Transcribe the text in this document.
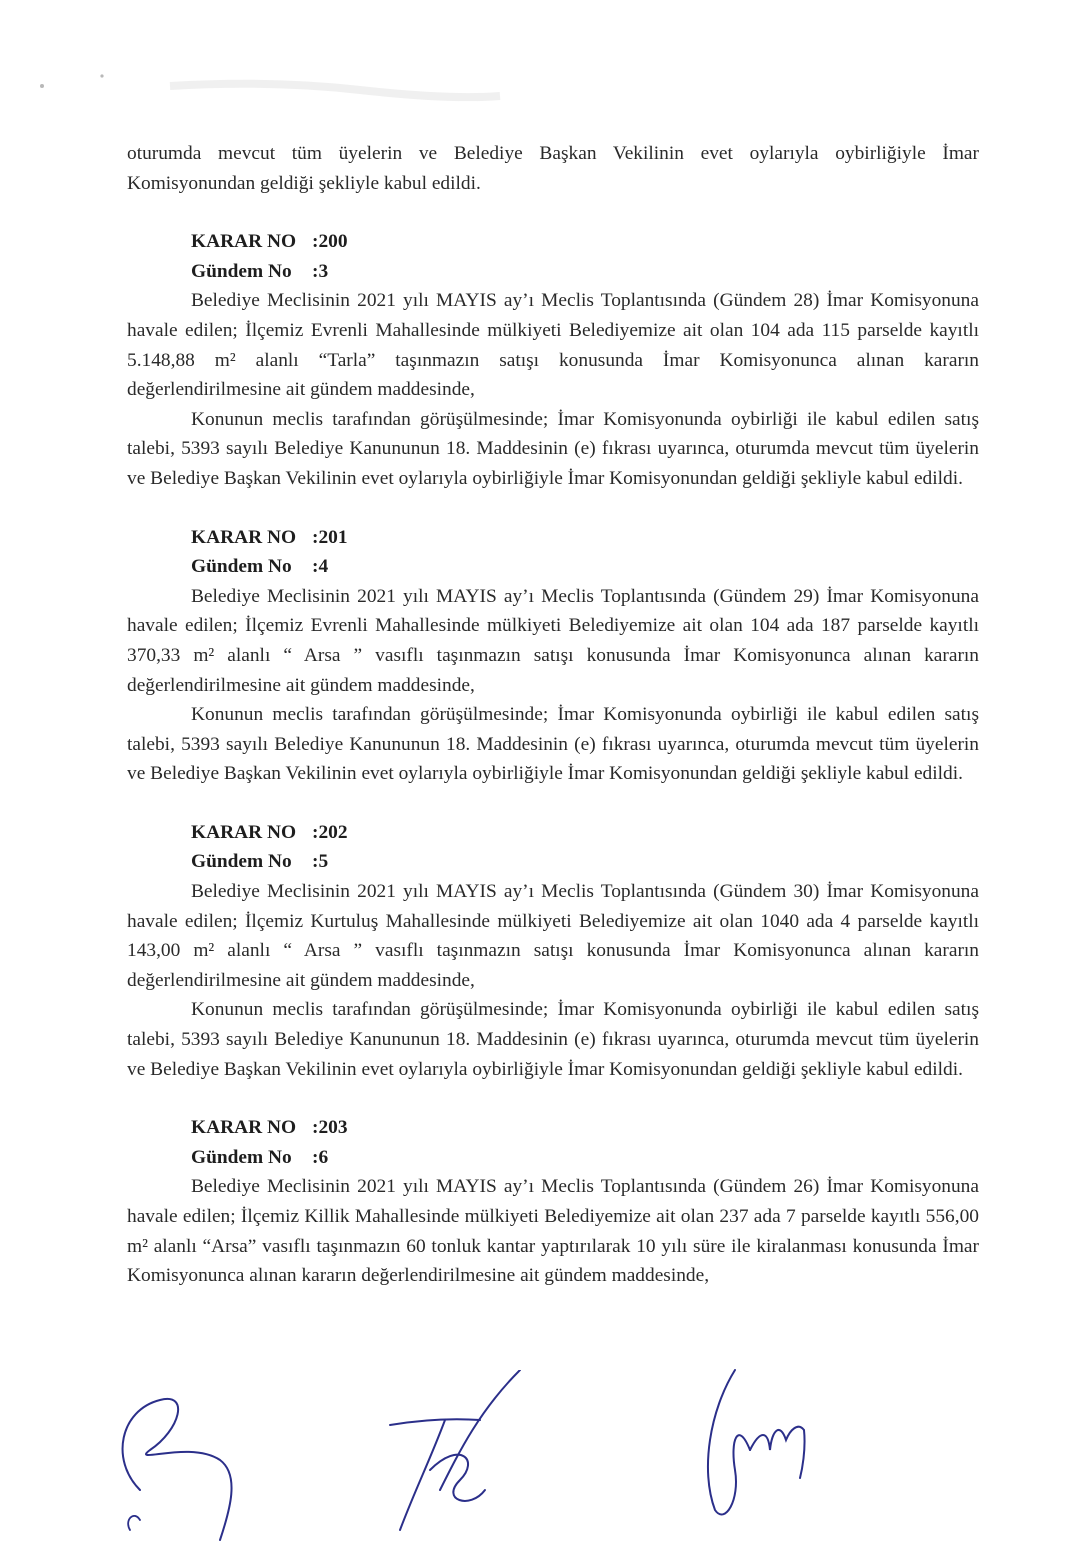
oturumda mevcut tüm üyelerin ve Belediye Başkan Vekilinin evet oylarıyla oybirliğiyle İmar Komisyonundan geldiği şekliyle kabul edildi.

KARAR NO :200

Gündem No :3

Belediye Meclisinin 2021 yılı MAYIS ay’ı Meclis Toplantısında (Gündem 28) İmar Komisyonuna havale edilen; İlçemiz Evrenli Mahallesinde mülkiyeti Belediyemize ait olan 104 ada 115 parselde kayıtlı 5.148,88 m² alanlı “Tarla” taşınmazın satışı konusunda İmar Komisyonunca alınan kararın değerlendirilmesine ait gündem maddesinde,

Konunun meclis tarafından görüşülmesinde; İmar Komisyonunda oybirliği ile kabul edilen satış talebi, 5393 sayılı Belediye Kanununun 18. Maddesinin (e) fıkrası uyarınca, oturumda mevcut tüm üyelerin ve Belediye Başkan Vekilinin evet oylarıyla oybirliğiyle İmar Komisyonundan geldiği şekliyle kabul edildi.

KARAR NO :201

Gündem No :4

Belediye Meclisinin 2021 yılı MAYIS ay’ı Meclis Toplantısında (Gündem 29) İmar Komisyonuna havale edilen; İlçemiz Evrenli Mahallesinde mülkiyeti Belediyemize ait olan 104 ada 187 parselde kayıtlı 370,33 m² alanlı “ Arsa ” vasıflı taşınmazın satışı konusunda İmar Komisyonunca alınan kararın değerlendirilmesine ait gündem maddesinde,

Konunun meclis tarafından görüşülmesinde; İmar Komisyonunda oybirliği ile kabul edilen satış talebi, 5393 sayılı Belediye Kanununun 18. Maddesinin (e) fıkrası uyarınca, oturumda mevcut tüm üyelerin ve Belediye Başkan Vekilinin evet oylarıyla oybirliğiyle İmar Komisyonundan geldiği şekliyle kabul edildi.

KARAR NO :202

Gündem No :5

Belediye Meclisinin 2021 yılı MAYIS ay’ı Meclis Toplantısında (Gündem 30) İmar Komisyonuna havale edilen; İlçemiz Kurtuluş Mahallesinde mülkiyeti Belediyemize ait olan 1040 ada 4 parselde kayıtlı 143,00 m² alanlı “ Arsa ” vasıflı taşınmazın satışı konusunda İmar Komisyonunca alınan kararın değerlendirilmesine ait gündem maddesinde,

Konunun meclis tarafından görüşülmesinde; İmar Komisyonunda oybirliği ile kabul edilen satış talebi, 5393 sayılı Belediye Kanununun 18. Maddesinin (e) fıkrası uyarınca, oturumda mevcut tüm üyelerin ve Belediye Başkan Vekilinin evet oylarıyla oybirliğiyle İmar Komisyonundan geldiği şekliyle kabul edildi.

KARAR NO :203

Gündem No :6

Belediye Meclisinin 2021 yılı MAYIS ay’ı Meclis Toplantısında (Gündem 26) İmar Komisyonuna havale edilen; İlçemiz Killik Mahallesinde mülkiyeti Belediyemize ait olan 237 ada 7 parselde kayıtlı 556,00 m² alanlı “Arsa” vasıflı taşınmazın 60 tonluk kantar yaptırılarak 10 yılı süre ile kiralanması konusunda İmar Komisyonunca alınan kararın değerlendirilmesine ait gündem maddesinde,
